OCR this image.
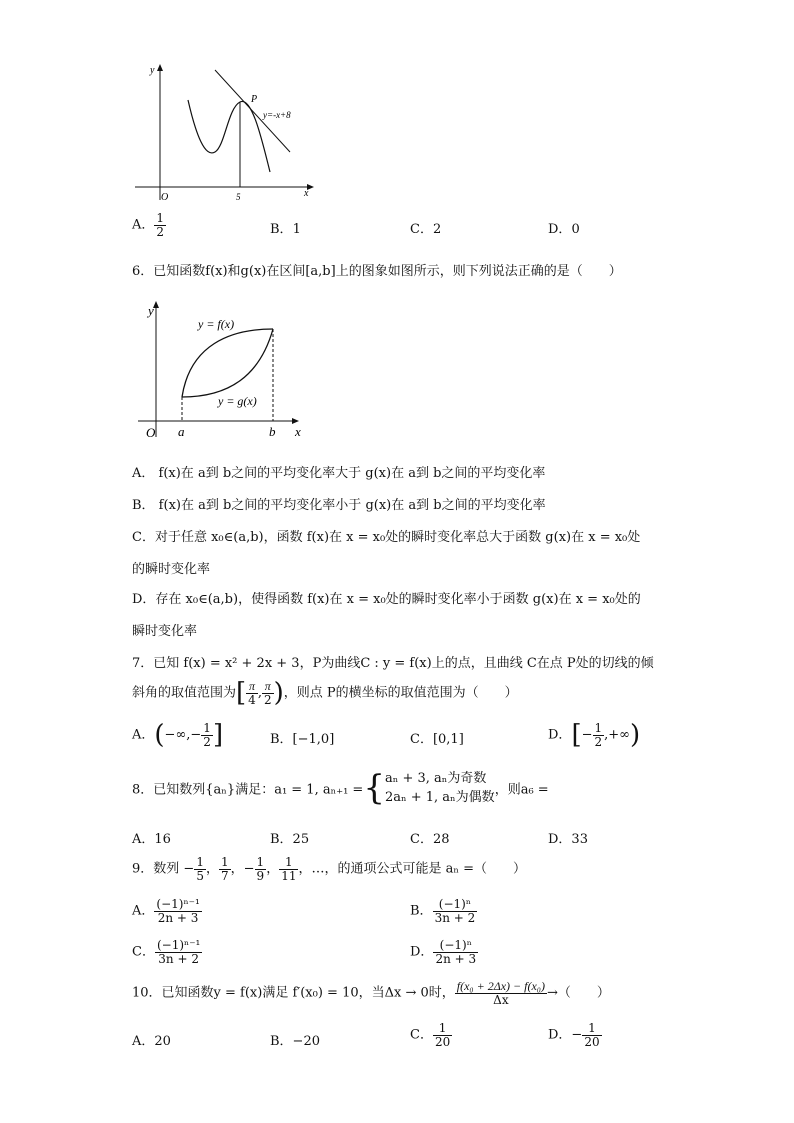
y
x
O
P
y=-x+8
5
A． $\frac{1}{2}$	B．1	C．2	D．0
6．已知函数f(x)和g(x)在区间[a,b]上的图象如图所示，则下列说法正确的是（　　）
y
x
O a	b
y = f(x)
y = g(x)
A． f(x)在 a到 b之间的平均变化率大于 g(x)在 a到 b之间的平均变化率
B． f(x)在 a到 b之间的平均变化率小于 g(x)在 a到 b之间的平均变化率
C．对于任意 x₀∈(a,b)，函数 f(x)在 x = x₀处的瞬时变化率总大于函数 g(x)在 x = x₀处
的瞬时变化率
D．存在 x₀∈(a,b)，使得函数 f(x)在 x = x₀处的瞬时变化率小于函数 g(x)在 x = x₀处的
瞬时变化率
7．已知 f(x) = x² + 2x + 3，P为曲线C : y = f(x)上的点，且曲线 C在点 P处的切线的倾
斜角的取值范围为[ $\frac{\pi}{4}$ , $\frac{\pi}{2}$ )，则点 P的横坐标的取值范围为（　　）
A．(−∞,− $\frac{1}{2}$ ]	B．[−1,0]	C．[0,1]	D．[− $\frac{1}{2}$ ,+∞)
8．已知数列{aₙ}满足：a₁ = 1, aₙ₊₁ ={ aₙ + 3, aₙ为奇数
2aₙ + 1, aₙ为偶数 ，则a₆ =
A．16	B．25	C．28	D．33
9．数列 − $\frac{1}{5}$ ， $\frac{1}{7}$ ，− $\frac{1}{9}$ ， $\frac{1}{11}$ ，…，的通项公式可能是 aₙ =（　　）
A． $\frac{\text{(−1)ⁿ⁻¹}}{2n + 3}$	B． $\frac{\text{(−1)ⁿ}}{3n + 2}$
C． $\frac{\text{(−1)ⁿ⁻¹}}{3n + 2}$	D． $\frac{\text{(−1)ⁿ}}{2n + 3}$
10．已知函数y = f(x)满足 f′(x₀) = 10，当Δx → 0时， $\frac{\text{f(x₀ + 2Δx) − f(x₀)}}{\Delta x}$ →（　　）
A．20	B．−20	C． $\frac{1}{20}$	D．− $\frac{1}{20}$
